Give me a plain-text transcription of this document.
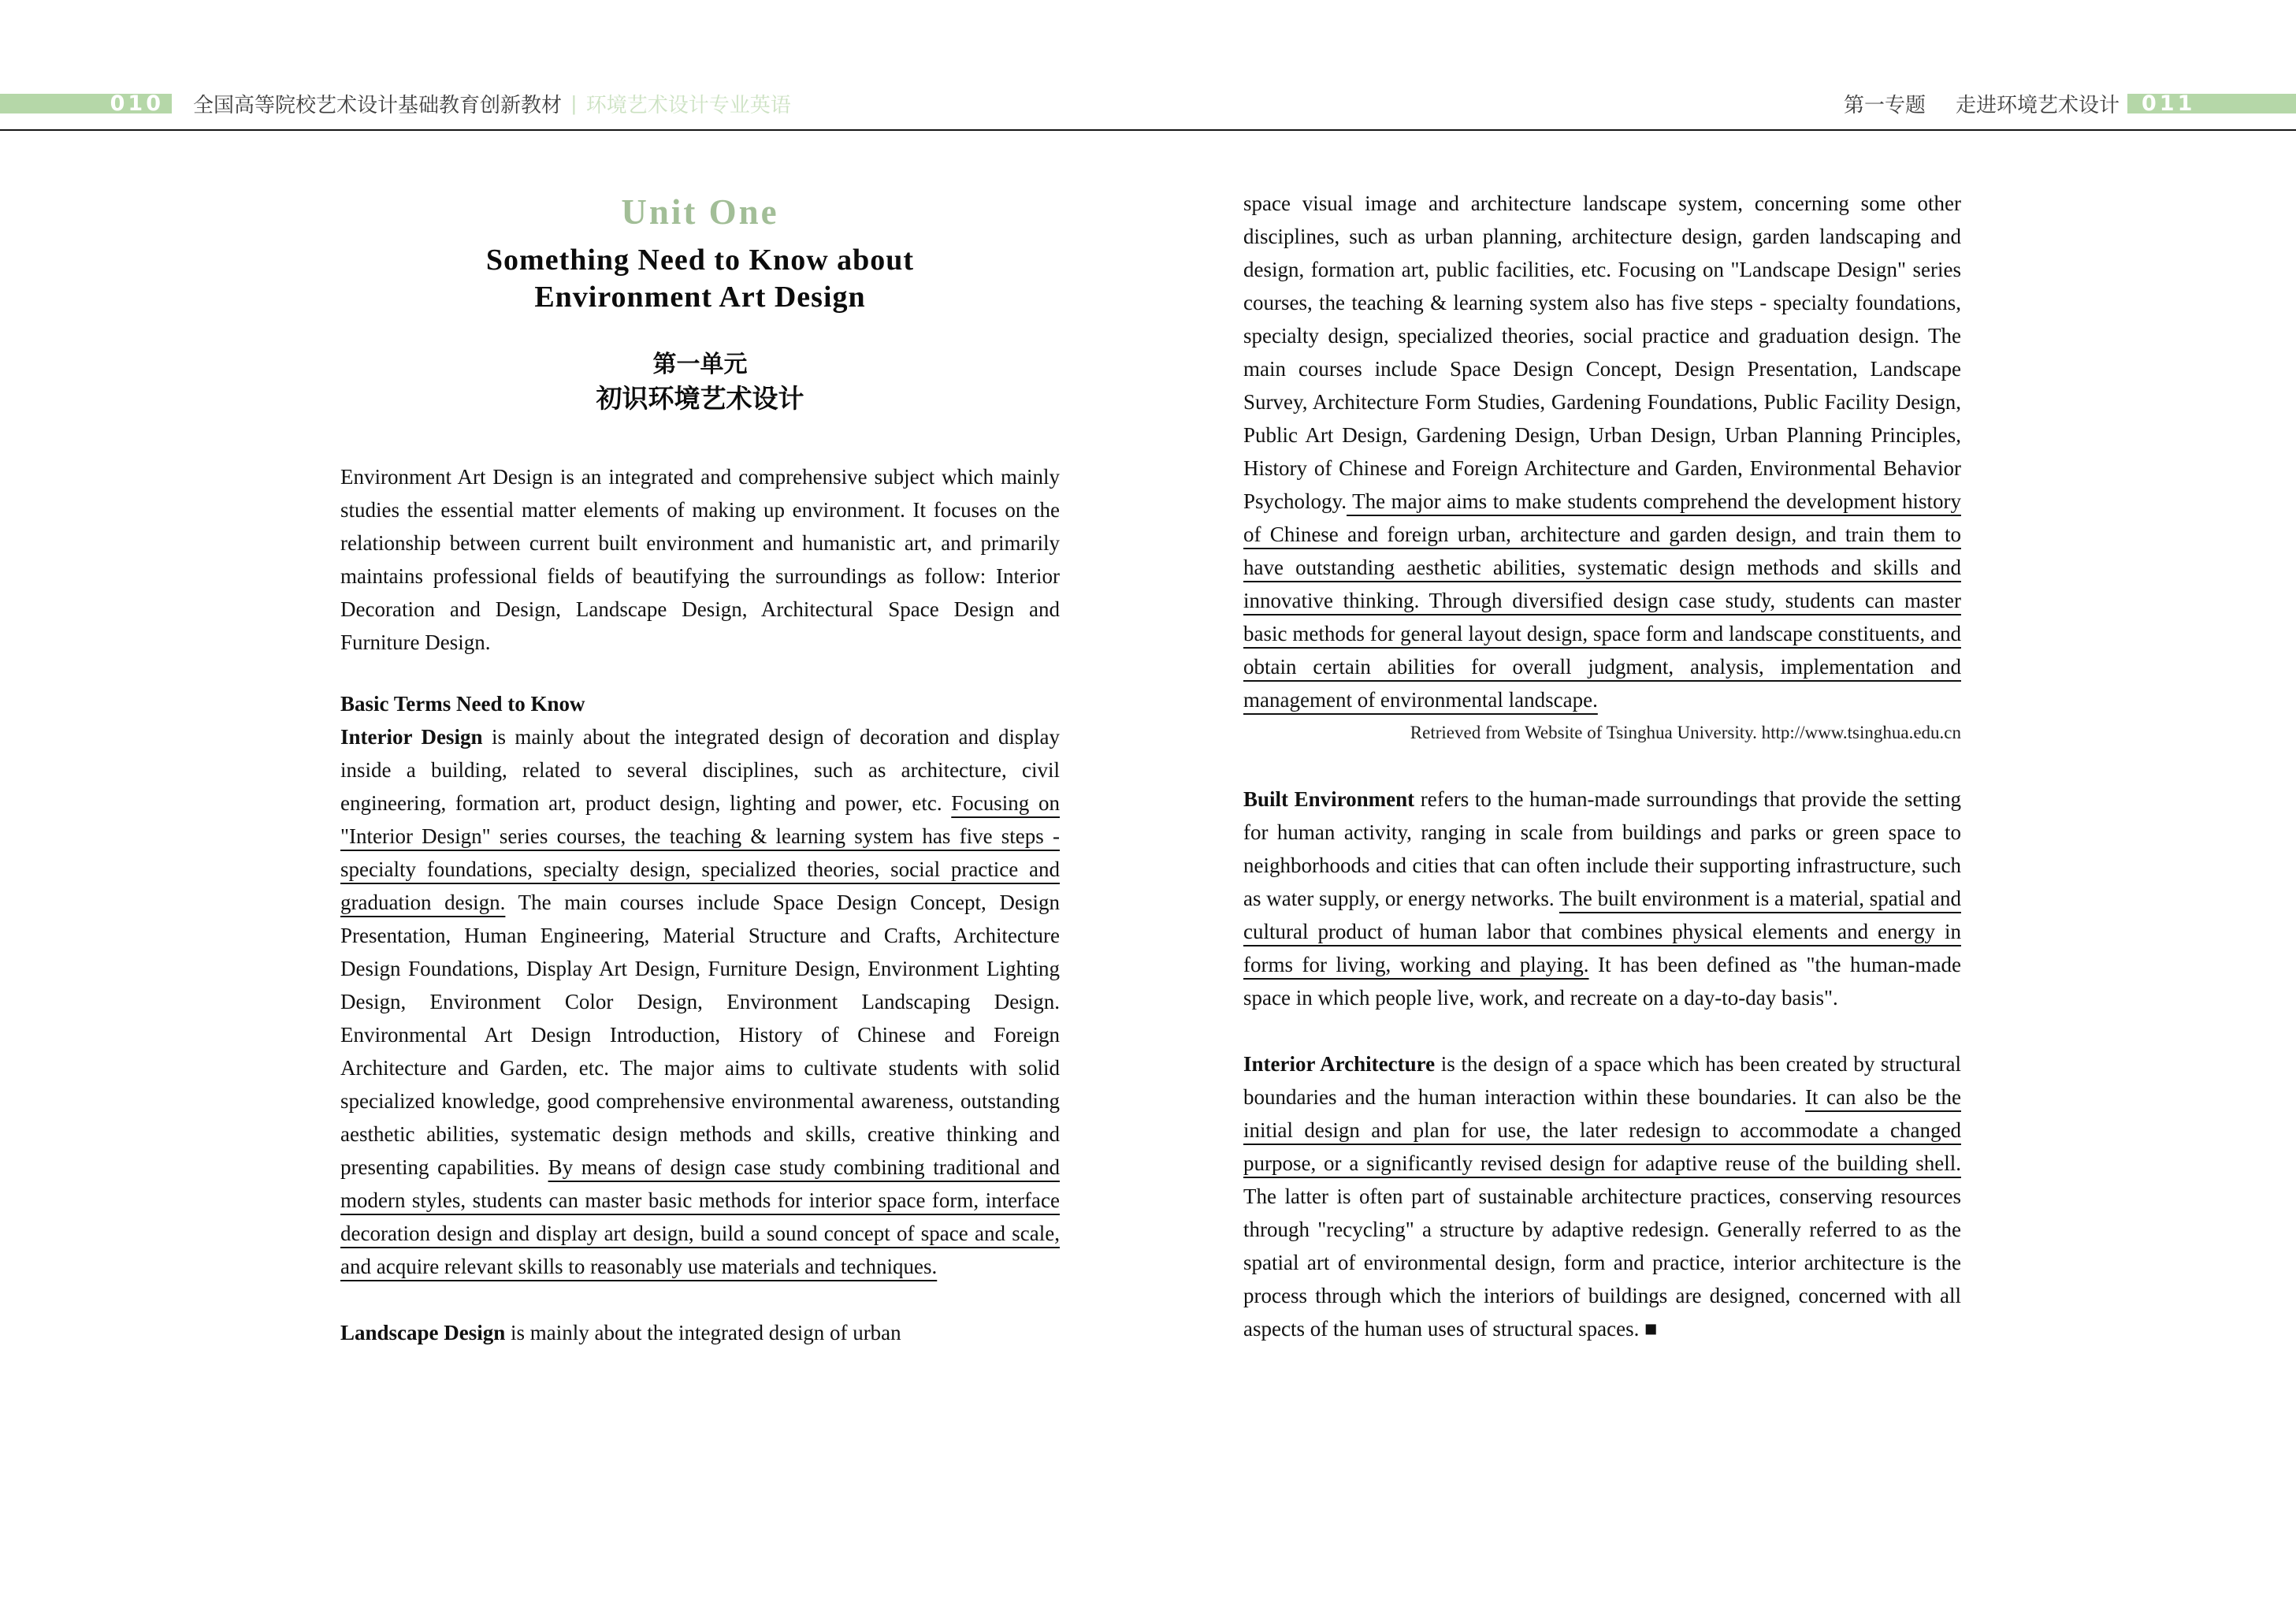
010 全国高等院校艺术设计基础教育创新教材 | 环境艺术设计专业英语	第一专题 走进环境艺术设计 011
Unit One
Something Need to Know about
Environment Art Design
第一单元
初识环境艺术设计

Environment Art Design is an integrated and comprehensive subject which mainly studies the essential matter elements of making up environment. It focuses on the relationship between current built environment and humanistic art, and primarily maintains professional fields of beautifying the surroundings as follow: Interior Decoration and Design, Landscape Design, Architectural Space Design and Furniture Design.

Basic Terms Need to Know

Interior Design is mainly about the integrated design of decoration and display inside a building, related to several disciplines, such as architecture, civil engineering, formation art, product design, lighting and power, etc. Focusing on "Interior Design" series courses, the teaching & learning system has five steps - specialty foundations, specialty design, specialized theories, social practice and graduation design. The main courses include Space Design Concept, Design Presentation, Human Engineering, Material Structure and Crafts, Architecture Design Foundations, Display Art Design, Furniture Design, Environment Lighting Design, Environment Color Design, Environment Landscaping Design. Environmental Art Design Introduction, History of Chinese and Foreign Architecture and Garden, etc. The major aims to cultivate students with solid specialized knowledge, good comprehensive environmental awareness, outstanding aesthetic abilities, systematic design methods and skills, creative thinking and presenting capabilities. By means of design case study combining traditional and modern styles, students can master basic methods for interior space form, interface decoration design and display art design, build a sound concept of space and scale, and acquire relevant skills to reasonably use materials and techniques.

Landscape Design is mainly about the integrated design of urban

space visual image and architecture landscape system, concerning some other disciplines, such as urban planning, architecture design, garden landscaping and design, formation art, public facilities, etc. Focusing on "Landscape Design" series courses, the teaching & learning system also has five steps - specialty foundations, specialty design, specialized theories, social practice and graduation design. The main courses include Space Design Concept, Design Presentation, Landscape Survey, Architecture Form Studies, Gardening Foundations, Public Facility Design, Public Art Design, Gardening Design, Urban Design, Urban Planning Principles, History of Chinese and Foreign Architecture and Garden, Environmental Behavior Psychology. The major aims to make students comprehend the development history of Chinese and foreign urban, architecture and garden design, and train them to have outstanding aesthetic abilities, systematic design methods and skills and innovative thinking. Through diversified design case study, students can master basic methods for general layout design, space form and landscape constituents, and obtain certain abilities for overall judgment, analysis, implementation and management of environmental landscape.

Retrieved from Website of Tsinghua University. http://www.tsinghua.edu.cn

Built Environment refers to the human-made surroundings that provide the setting for human activity, ranging in scale from buildings and parks or green space to neighborhoods and cities that can often include their supporting infrastructure, such as water supply, or energy networks. The built environment is a material, spatial and cultural product of human labor that combines physical elements and energy in forms for living, working and playing. It has been defined as "the human-made space in which people live, work, and recreate on a day-to-day basis".

Interior Architecture is the design of a space which has been created by structural boundaries and the human interaction within these boundaries. It can also be the initial design and plan for use, the later redesign to accommodate a changed purpose, or a significantly revised design for adaptive reuse of the building shell. The latter is often part of sustainable architecture practices, conserving resources through "recycling" a structure by adaptive redesign. Generally referred to as the spatial art of environmental design, form and practice, interior architecture is the process through which the interiors of buildings are designed, concerned with all aspects of the human uses of structural spaces. ■
